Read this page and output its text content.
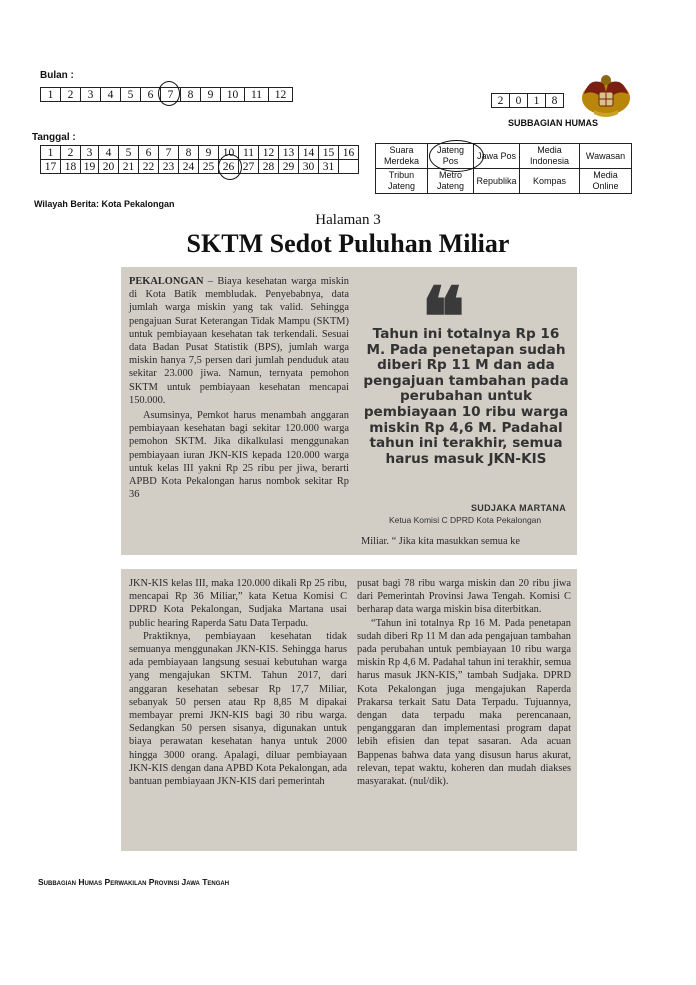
Bulan :
1	2	3	4	5	6	7	8	9	10	11	12	2	0	1	8
SUBBAGIAN HUMAS
Tanggal :
1	2	3	4	5	6	7	8	9	10	11	12	13	14	15	16
17	18	19	20	21	22	23	24	25	26	27	28	29	30	31	
Suara Merdeka	Jateng Pos	Jawa Pos	Media Indonesia	Wawasan
Tribun Jateng	Metro Jateng	Republika	Kompas	Media Online
Wilayah Berita: Kota Pekalongan
Halaman 3
SKTM Sedot Puluhan Miliar
PEKALONGAN – Biaya kesehatan warga miskin di Kota Batik membludak. Penyebabnya, data jumlah warga miskin yang tak valid. Sehingga pengajuan Surat Keterangan Tidak Mampu (SKTM) untuk pembiayaan kesehatan tak terkendali. Sesuai data Badan Pusat Statistik (BPS), jumlah warga miskin hanya 7,5 persen dari jumlah penduduk atau sekitar 23.000 jiwa. Namun, ternyata pemohon SKTM untuk pembiayaan kesehatan mencapai 150.000.
Asumsinya, Pemkot harus menambah anggaran pembiayaan kesehatan bagi sekitar 120.000 warga pemohon SKTM. Jika dikalkulasi menggunakan pembiayaan iuran JKN-KIS kepada 120.000 warga untuk kelas III yakni Rp 25 ribu per jiwa, berarti APBD Kota Pekalongan harus nombok sekitar Rp 36
❝
Tahun ini totalnya Rp 16 M. Pada penetapan sudah diberi Rp 11 M dan ada pengajuan tambahan pada perubahan untuk pembiayaan 10 ribu warga miskin Rp 4,6 M. Padahal tahun ini terakhir, semua harus masuk JKN-KIS
SUDJAKA MARTANA
Ketua Komisi C DPRD Kota Pekalongan
Miliar. “ Jika kita masukkan semua ke
JKN-KIS kelas III, maka 120.000 dikali Rp 25 ribu, mencapai Rp 36 Miliar,” kata Ketua Komisi C DPRD Kota Pekalongan, Sudjaka Martana usai public hearing Raperda Satu Data Terpadu.
Praktiknya, pembiayaan kesehatan tidak semuanya menggunakan JKN-KIS. Sehingga harus ada pembiayaan langsung sesuai kebutuhan warga yang mengajukan SKTM. Tahun 2017, dari anggaran kesehatan sebesar Rp 17,7 Miliar, sebanyak 50 persen atau Rp 8,85 M dipakai membayar premi JKN-KIS bagi 30 ribu warga. Sedangkan 50 persen sisanya, digunakan untuk biaya perawatan kesehatan hanya untuk 2000 hingga 3000 orang. Apalagi, diluar pembiayaan JKN-KIS dengan dana APBD Kota Pekalongan, ada bantuan pembiayaan JKN-KIS dari pemerintah
pusat bagi 78 ribu warga miskin dan 20 ribu jiwa dari Pemerintah Provinsi Jawa Tengah. Komisi C berharap data warga miskin bisa diterbitkan.
“Tahun ini totalnya Rp 16 M. Pada penetapan sudah diberi Rp 11 M dan ada pengajuan tambahan pada perubahan untuk pembiayaan 10 ribu warga miskin Rp 4,6 M. Padahal tahun ini terakhir, semua harus masuk JKN-KIS,” tambah Sudjaka. DPRD Kota Pekalongan juga mengajukan Raperda Prakarsa terkait Satu Data Terpadu. Tujuannya, dengan data terpadu maka perencanaan, penganggaran dan implementasi program dapat lebih efisien dan tepat sasaran. Ada acuan Bappenas bahwa data yang disusun harus akurat, relevan, tepat waktu, koheren dan mudah diakses masyarakat. (nul/dik).
Subbagian Humas Perwakilan Provinsi Jawa Tengah
